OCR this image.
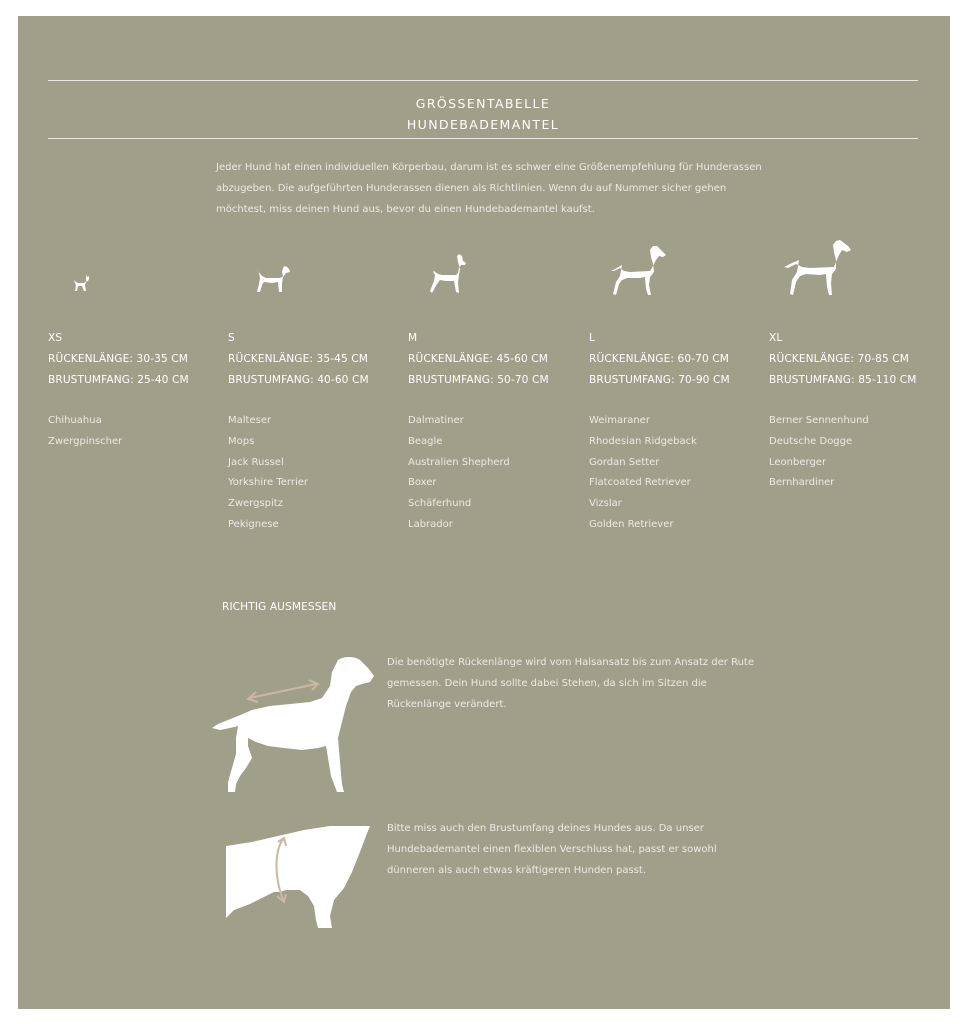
GRÖSSENTABELLE
HUNDEBADEMANTEL
Jeder Hund hat einen individuellen Körperbau, darum ist es schwer eine Größenempfehlung für Hunderassen abzugeben. Die aufgeführten Hunderassen dienen als Richtlinien. Wenn du auf Nummer sicher gehen möchtest, miss deinen Hund aus, bevor du einen Hundebademantel kaufst.
XS
RÜCKENLÄNGE: 30-35 CM
BRUSTUMFANG: 25-40 CM
Chihuahua
Zwergpinscher
S
RÜCKENLÄNGE: 35-45 CM
BRUSTUMFANG: 40-60 CM
Malteser
Mops
Jack Russel
Yorkshire Terrier
Zwergspitz
Pekignese
M
RÜCKENLÄNGE: 45-60 CM
BRUSTUMFANG: 50-70 CM
Dalmatiner
Beagle
Australien Shepherd
Boxer
Schäferhund
Labrador
L
RÜCKENLÄNGE: 60-70 CM
BRUSTUMFANG: 70-90 CM
Weimaraner
Rhodesian Ridgeback
Gordan Setter
Flatcoated Retriever
Vizslar
Golden Retriever
XL
RÜCKENLÄNGE: 70-85 CM
BRUSTUMFANG: 85-110 CM
Berner Sennenhund
Deutsche Dogge
Leonberger
Bernhardiner
RICHTIG AUSMESSEN
Die benötigte Rückenlänge wird vom Halsansatz bis zum Ansatz der Rute gemessen. Dein Hund sollte dabei Stehen, da sich im Sitzen die Rückenlänge verändert.
Bitte miss auch den Brustumfang deines Hundes aus. Da unser Hundebademantel einen flexiblen Verschluss hat, passt er sowohl dünneren als auch etwas kräftigeren Hunden passt.
